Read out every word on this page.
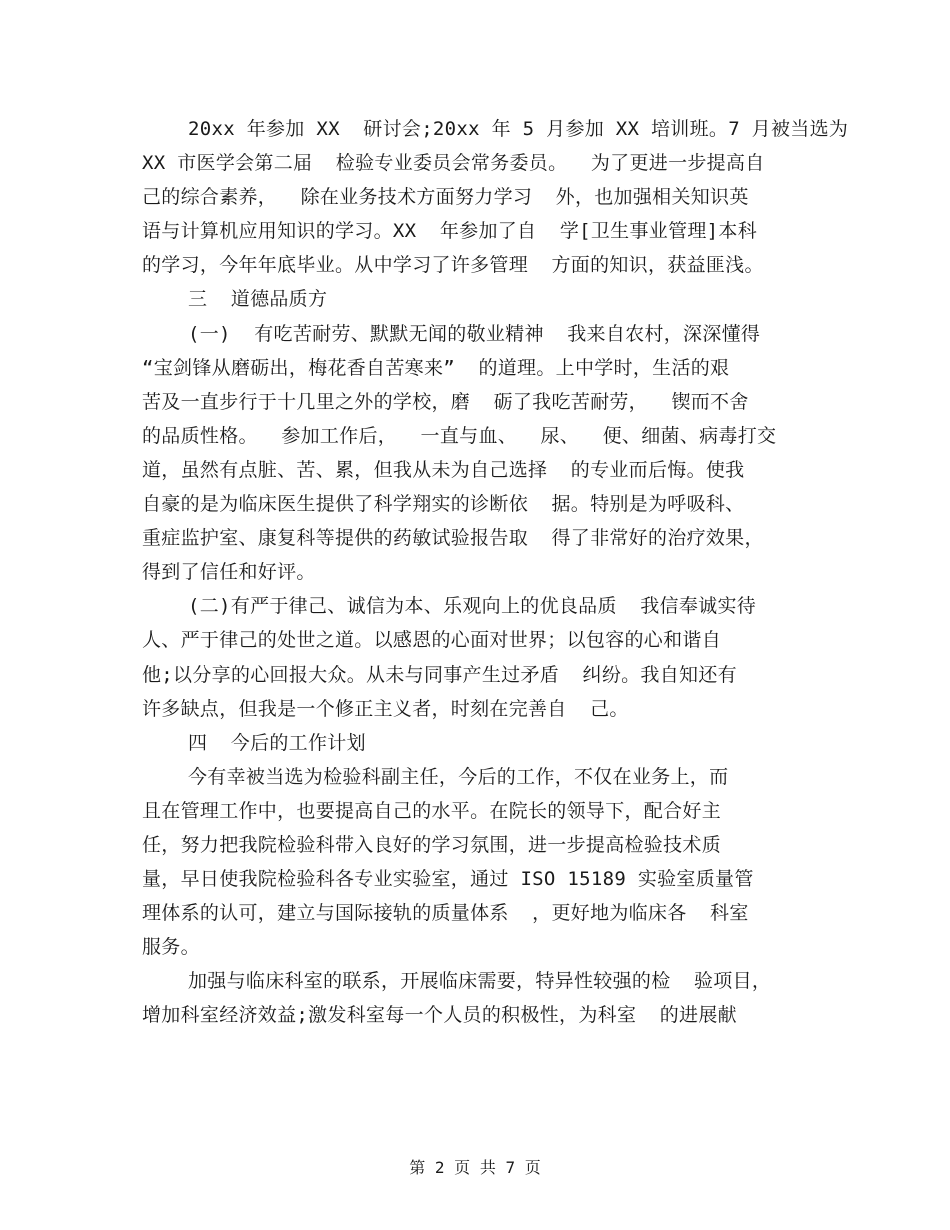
20xx 年参加 XX  研讨会;20xx 年 5 月参加 XX 培训班。7 月被当选为
XX 市医学会第二届  检验专业委员会常务委员。  为了更进一步提高自
己的综合素养，  除在业务技术方面努力学习  外，也加强相关知识英
语与计算机应用知识的学习。XX  年参加了自  学[卫生事业管理]本科
的学习，今年年底毕业。从中学习了许多管理  方面的知识，获益匪浅。
三  道德品质方
(一)  有吃苦耐劳、默默无闻的敬业精神  我来自农村，深深懂得
“宝剑锋从磨砺出，梅花香自苦寒来”  的道理。上中学时，生活的艰
苦及一直步行于十几里之外的学校，磨  砺了我吃苦耐劳，  锲而不舍
的品质性格。  参加工作后，  一直与血、  尿、  便、细菌、病毒打交
道，虽然有点脏、苦、累，但我从未为自己选择  的专业而后悔。使我
自豪的是为临床医生提供了科学翔实的诊断依  据。特别是为呼吸科、
重症监护室、康复科等提供的药敏试验报告取  得了非常好的治疗效果，
得到了信任和好评。
(二)有严于律己、诚信为本、乐观向上的优良品质  我信奉诚实待
人、严于律己的处世之道。以感恩的心面对世界；以包容的心和谐自
他;以分享的心回报大众。从未与同事产生过矛盾  纠纷。我自知还有
许多缺点，但我是一个修正主义者，时刻在完善自  己。
四  今后的工作计划
今有幸被当选为检验科副主任，今后的工作，不仅在业务上，而
且在管理工作中，也要提高自己的水平。在院长的领导下，配合好主
任，努力把我院检验科带入良好的学习氛围，进一步提高检验技术质
量，早日使我院检验科各专业实验室，通过 ISO 15189 实验室质量管
理体系的认可，建立与国际接轨的质量体系  ，更好地为临床各  科室
服务。
加强与临床科室的联系，开展临床需要，特异性较强的检  验项目，
增加科室经济效益;激发科室每一个人员的积极性，为科室  的进展献
第 2 页 共 7 页
